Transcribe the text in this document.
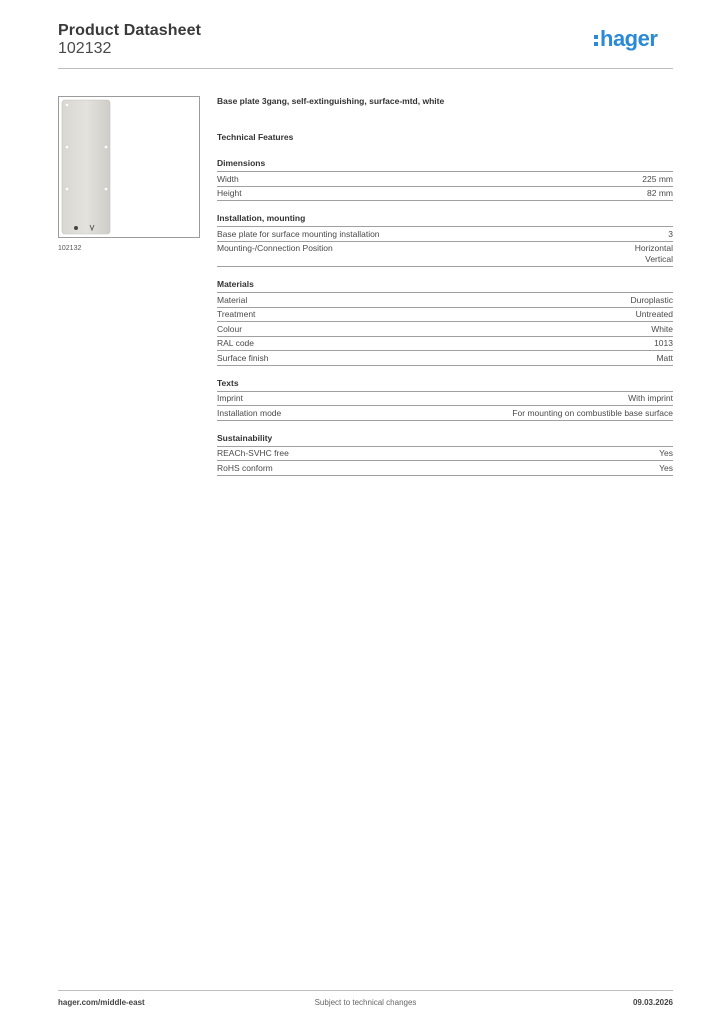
Product Datasheet
102132	hager
102132
Base plate 3gang, self-extinguishing, surface-mtd, white
Technical Features
Dimensions
Width	225 mm
Height	82 mm
Installation, mounting
Base plate for surface mounting installation	3
Mounting-/Connection Position	Horizontal
Vertical
Materials
Material	Duroplastic
Treatment	Untreated
Colour	White
RAL code	1013
Surface finish	Matt
Texts
Imprint	With imprint
Installation mode	For mounting on combustible base surface
Sustainability
REACh-SVHC free	Yes
RoHS conform	Yes
hager.com/middle-east	Subject to technical changes	09.03.2026
